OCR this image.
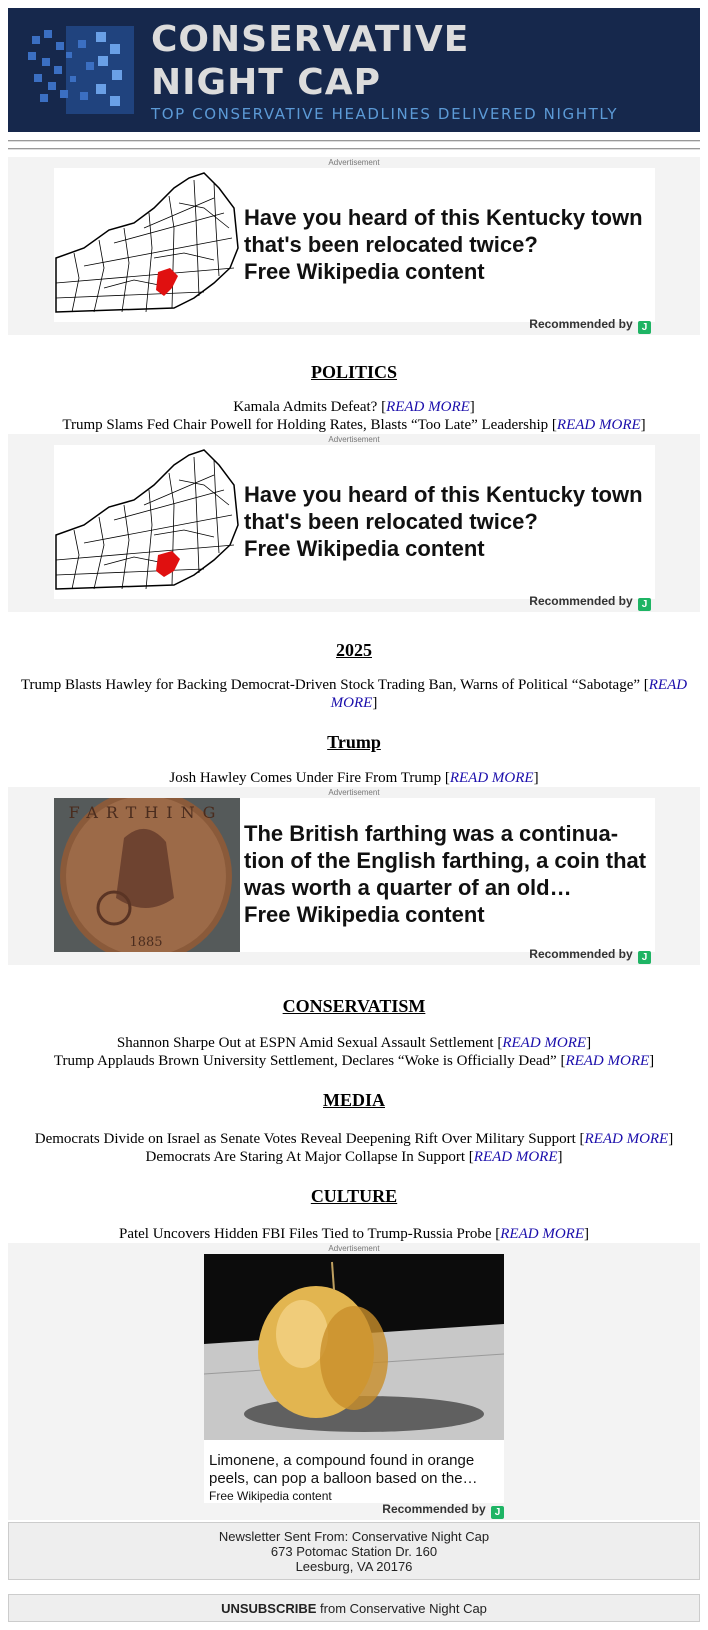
CONSERVATIVE
NIGHT CAP
TOP CONSERVATIVE HEADLINES DELIVERED NIGHTLY
Advertisement
Have you heard of this Kentucky town that's been relocated twice?
Free Wikipedia content
Recommended by J
POLITICS
Kamala Admits Defeat? [READ MORE]
Trump Slams Fed Chair Powell for Holding Rates, Blasts “Too Late” Leadership [READ MORE]
Advertisement
Have you heard of this Kentucky town that's been relocated twice?
Free Wikipedia content
Recommended by J
2025
Trump Blasts Hawley for Backing Democrat-Driven Stock Trading Ban, Warns of Political “Sabotage” [READ MORE]
Trump
Josh Hawley Comes Under Fire From Trump [READ MORE]
Advertisement
FARTHING
1885
The British farthing was a continua-tion of the English farthing, a coin that was worth a quarter of an old…
Free Wikipedia content
Recommended by J
CONSERVATISM
Shannon Sharpe Out at ESPN Amid Sexual Assault Settlement [READ MORE]
Trump Applauds Brown University Settlement, Declares “Woke is Officially Dead” [READ MORE]
MEDIA
Democrats Divide on Israel as Senate Votes Reveal Deepening Rift Over Military Support [READ MORE]
Democrats Are Staring At Major Collapse In Support [READ MORE]
CULTURE
Patel Uncovers Hidden FBI Files Tied to Trump-Russia Probe [READ MORE]
Advertisement
Limonene, a compound found in orange peels, can pop a balloon based on the…
Free Wikipedia content
Recommended by J
Newsletter Sent From: Conservative Night Cap
673 Potomac Station Dr. 160
Leesburg, VA 20176
UNSUBSCRIBE from Conservative Night Cap
